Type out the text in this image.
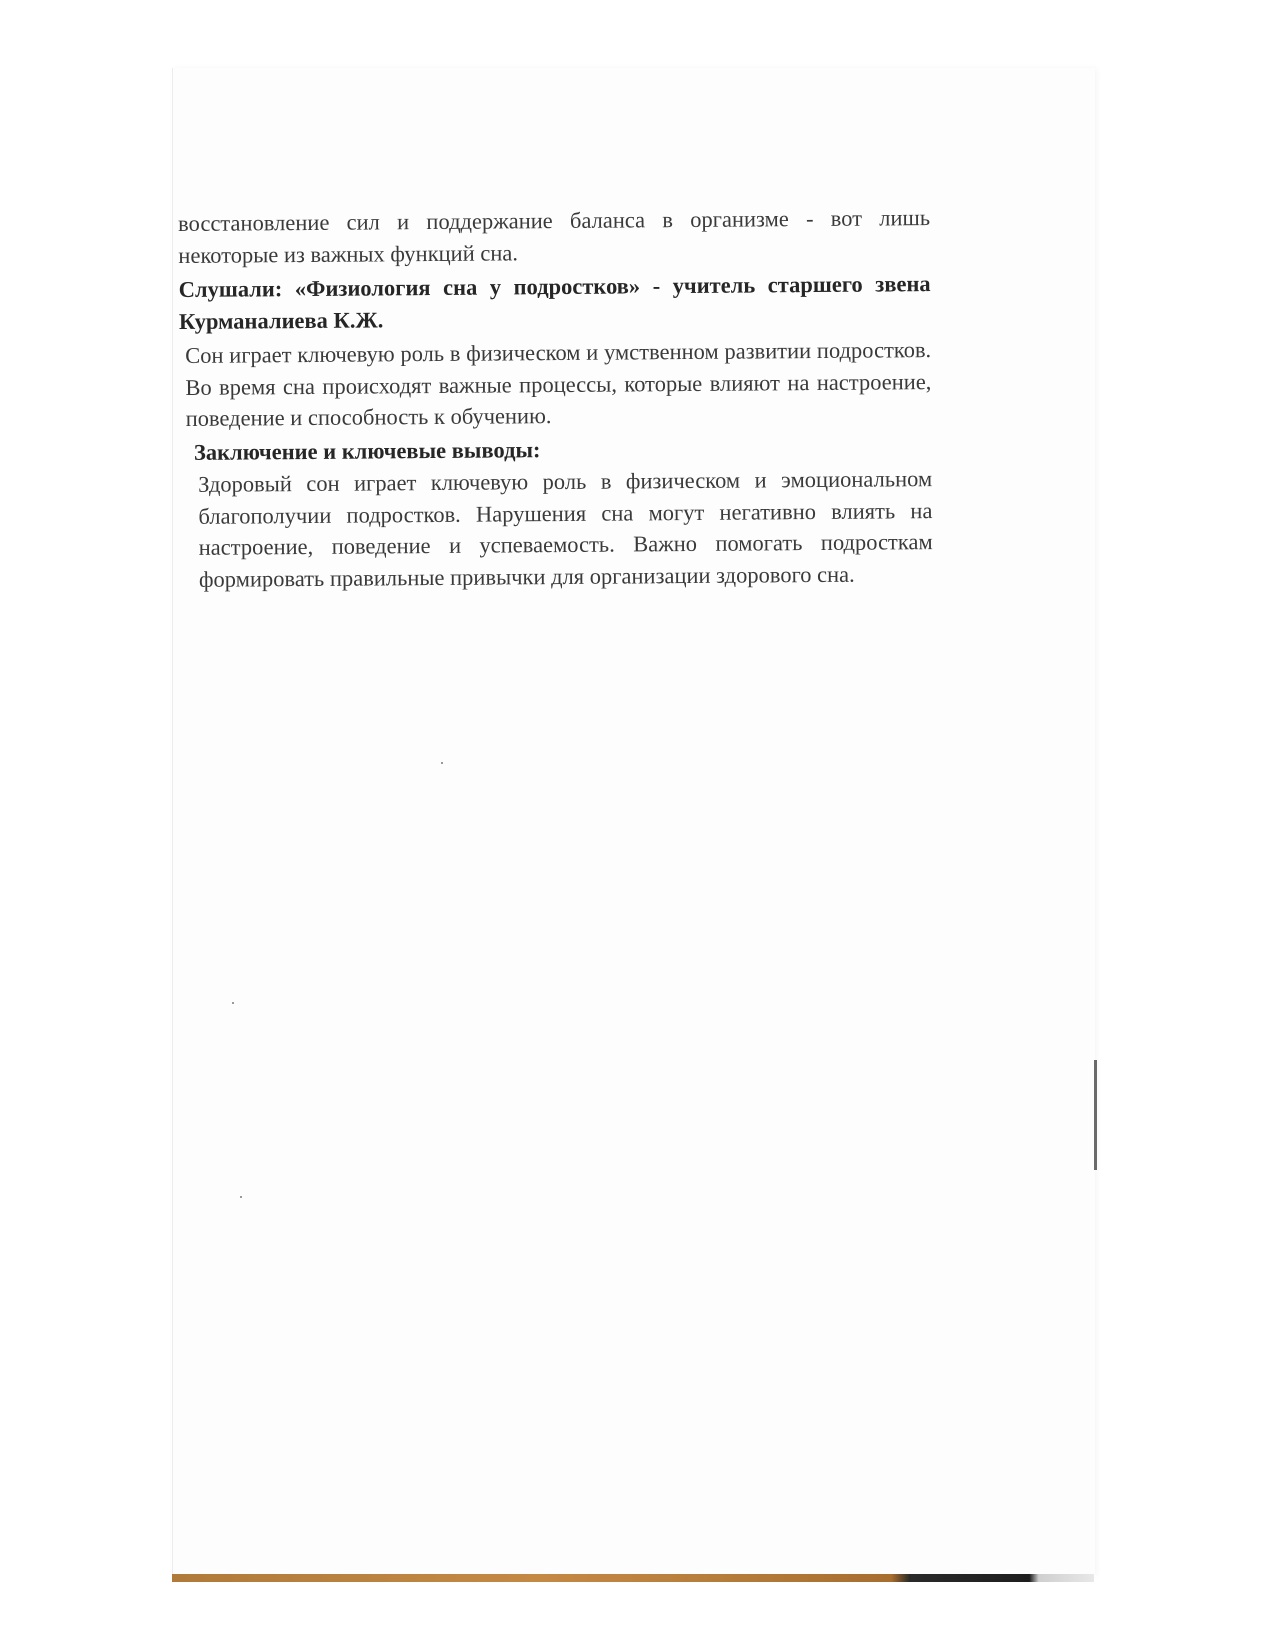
восстановление сил и поддержание баланса в организме - вот лишь некоторые из важных функций сна.

Слушали: «Физиология сна у подростков» - учитель старшего звена Курманалиева К.Ж.

Сон играет ключевую роль в физическом и умственном развитии подростков. Во время сна происходят важные процессы, которые влияют на настроение, поведение и способность к обучению.

Заключение и ключевые выводы:

Здоровый сон играет ключевую роль в физическом и эмоциональном благополучии подростков. Нарушения сна могут негативно влиять на настроение, поведение и успеваемость. Важно помогать подросткам формировать правильные привычки для организации здорового сна.
